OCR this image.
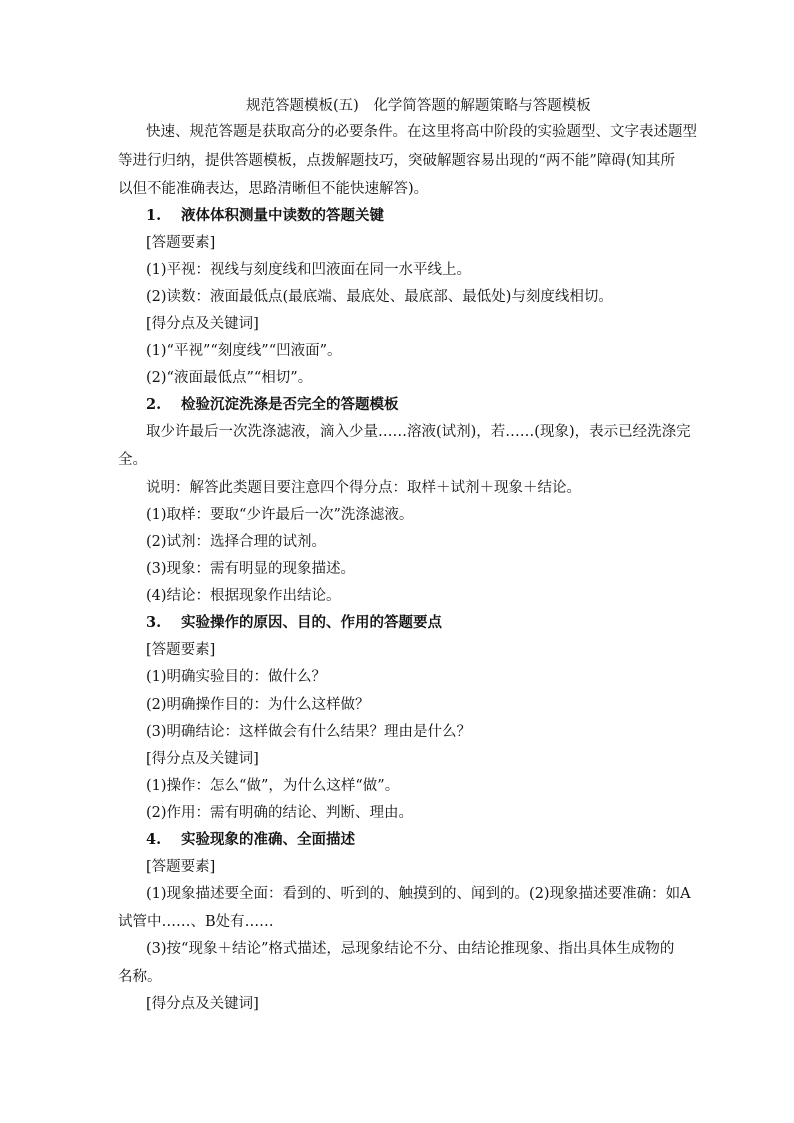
规范答题模板(五)　化学简答题的解题策略与答题模板
快速、规范答题是获取高分的必要条件。在这里将高中阶段的实验题型、文字表述题型
等进行归纳，提供答题模板，点拨解题技巧，突破解题容易出现的“两不能”障碍(知其所
以但不能准确表达，思路清晰但不能快速解答)。
1. 液体体积测量中读数的答题关键
[答题要素]
(1)平视：视线与刻度线和凹液面在同一水平线上。
(2)读数：液面最低点(最底端、最底处、最底部、最低处)与刻度线相切。
[得分点及关键词]
(1)“平视”“刻度线”“凹液面”。
(2)“液面最低点”“相切”。
2. 检验沉淀洗涤是否完全的答题模板
取少许最后一次洗涤滤液，滴入少量……溶液(试剂)，若……(现象)，表示已经洗涤完
全。
说明：解答此类题目要注意四个得分点：取样＋试剂＋现象＋结论。
(1)取样：要取“少许最后一次”洗涤滤液。
(2)试剂：选择合理的试剂。
(3)现象：需有明显的现象描述。
(4)结论：根据现象作出结论。
3. 实验操作的原因、目的、作用的答题要点
[答题要素]
(1)明确实验目的：做什么？
(2)明确操作目的：为什么这样做？
(3)明确结论：这样做会有什么结果？理由是什么？
[得分点及关键词]
(1)操作：怎么“做”，为什么这样“做”。
(2)作用：需有明确的结论、判断、理由。
4. 实验现象的准确、全面描述
[答题要素]
(1)现象描述要全面：看到的、听到的、触摸到的、闻到的。(2)现象描述要准确：如A
试管中……、B处有……
(3)按“现象＋结论”格式描述，忌现象结论不分、由结论推现象、指出具体生成物的
名称。
[得分点及关键词]
